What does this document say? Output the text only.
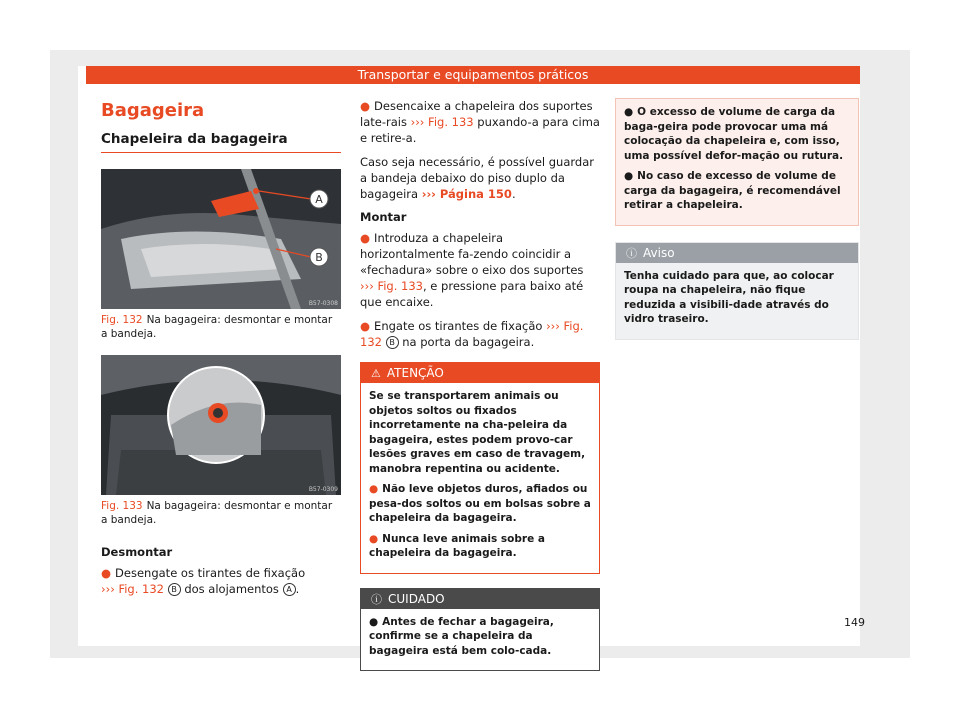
Transportar e equipamentos práticos
Bagageira
Chapeleira da bagageira
A
B
B57-0308
Fig. 132 Na bagageira: desmontar e montar a bandeja.
B57-0309
Fig. 133 Na bagageira: desmontar e montar a bandeja.
Desmontar

● Desengate os tirantes de fixação
››› Fig. 132 B dos alojamentos A .

● Desencaixe a chapeleira dos suportes late-rais ››› Fig. 133 puxando-a para cima e retire-a.

Caso seja necessário, é possível guardar a bandeja debaixo do piso duplo da bagageira ››› Página 150.

Montar

● Introduza a chapeleira horizontalmente fa-zendo coincidir a «fechadura» sobre o eixo dos suportes ››› Fig. 133, e pressione para baixo até que encaixe.

● Engate os tirantes de fixação ››› Fig. 132 B na porta da bagageira.

⚠ ATENÇÃO

Se se transportarem animais ou objetos soltos ou fixados incorretamente na cha-peleira da bagageira, estes podem provo-car lesões graves em caso de travagem, manobra repentina ou acidente.

● Não leve objetos duros, afiados ou pesa-dos soltos ou em bolsas sobre a chapeleira da bagageira.

● Nunca leve animais sobre a chapeleira da bagageira.

ⓘ CUIDADO

● Antes de fechar a bagageira, confirme se a chapeleira da bagageira está bem colo-cada.

● O excesso de volume de carga da baga-geira pode provocar uma má colocação da chapeleira e, com isso, uma possível defor-mação ou rutura.

● No caso de excesso de volume de carga da bagageira, é recomendável retirar a chapeleira.

ⓘ Aviso

Tenha cuidado para que, ao colocar roupa na chapeleira, não fique reduzida a visibili-dade através do vidro traseiro.

149
